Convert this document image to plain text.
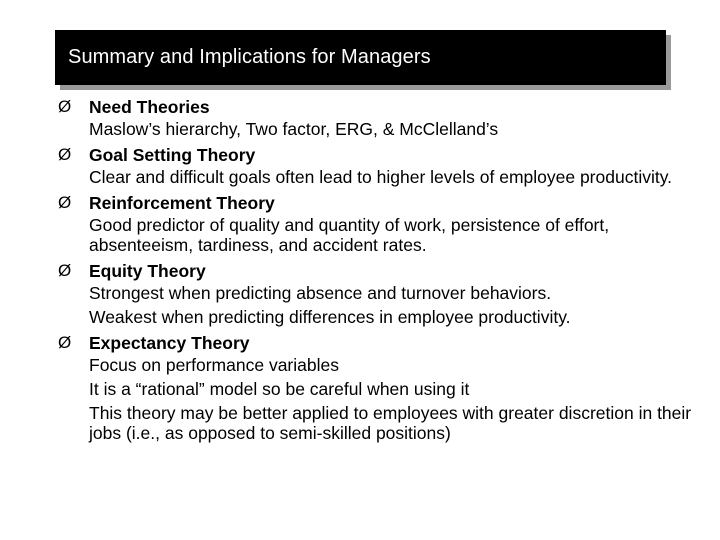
Summary and Implications for Managers
Ø	Need Theories
Maslow’s hierarchy, Two factor, ERG, & McClelland’s
Ø	Goal Setting Theory
Clear and difficult goals often lead to higher levels of employee productivity.
Ø	Reinforcement Theory
Good predictor of quality and quantity of work, persistence of effort, absenteeism, tardiness, and accident rates.
Ø	Equity Theory
Strongest when predicting absence and turnover behaviors.
Weakest when predicting differences in employee productivity.
Ø	Expectancy Theory
Focus on performance variables
It is a “rational” model so be careful when using it
This theory may be better applied to employees with greater discretion in their jobs (i.e., as opposed to semi-skilled positions)
